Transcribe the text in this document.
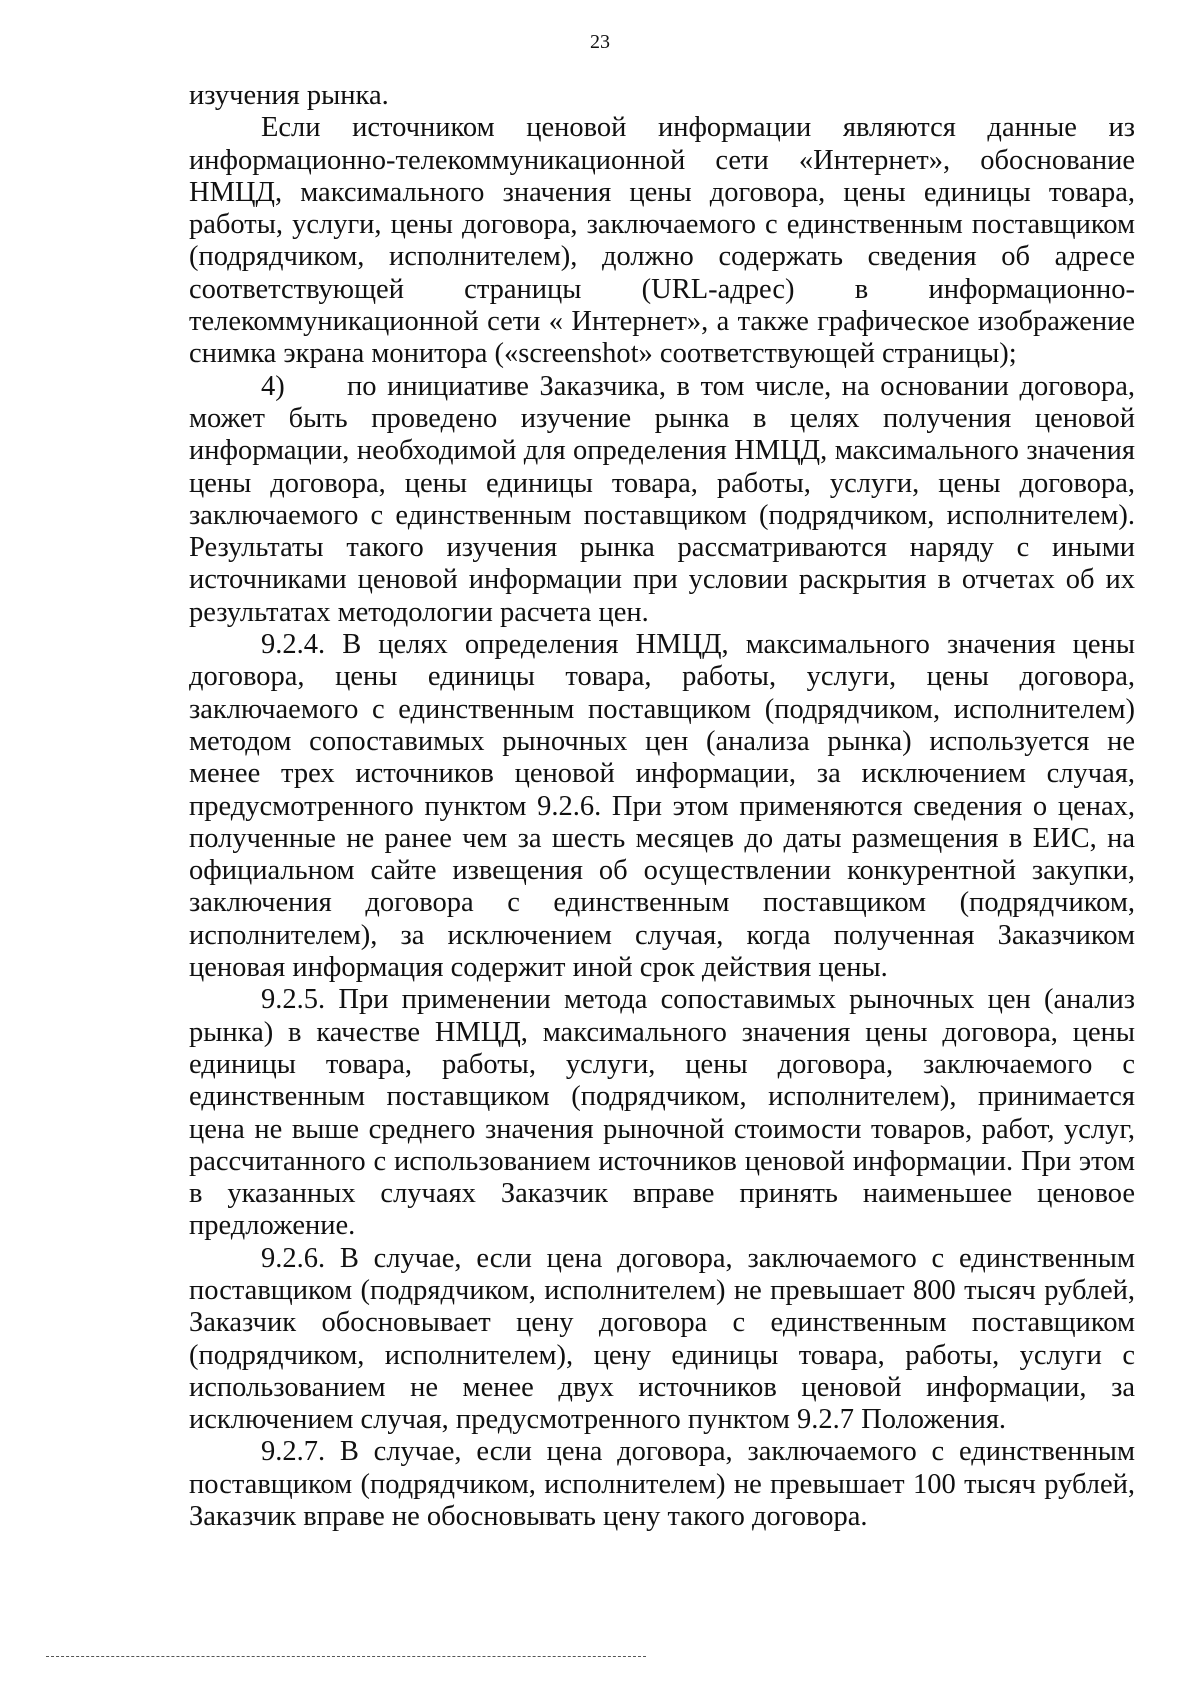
23

изучения рынка.

Если источником ценовой информации являются данные из информационно-телекоммуникационной сети «Интернет», обоснование НМЦД, максимального значения цены договора, цены единицы товара, работы, услуги, цены договора, заключаемого с единственным поставщиком (подрядчиком, исполнителем), должно содержать сведения об адресе соответствующей страницы (URL-адрес) в информационно-телекоммуникационной сети « Интернет», а также графическое изображение снимка экрана монитора («screenshot» соответствующей страницы);

4) по инициативе Заказчика, в том числе, на основании договора, может быть проведено изучение рынка в целях получения ценовой информации, необходимой для определения НМЦД, максимального значения цены договора, цены единицы товара, работы, услуги, цены договора, заключаемого с единственным поставщиком (подрядчиком, исполнителем). Результаты такого изучения рынка рассматриваются наряду с иными источниками ценовой информации при условии раскрытия в отчетах об их результатах методологии расчета цен.

9.2.4. В целях определения НМЦД, максимального значения цены договора, цены единицы товара, работы, услуги, цены договора, заключаемого с единственным поставщиком (подрядчиком, исполнителем) методом сопоставимых рыночных цен (анализа рынка) используется не менее трех источников ценовой информации, за исключением случая, предусмотренного пунктом 9.2.6. При этом применяются сведения о ценах, полученные не ранее чем за шесть месяцев до даты размещения в ЕИС, на официальном сайте извещения об осуществлении конкурентной закупки, заключения договора с единственным поставщиком (подрядчиком, исполнителем), за исключением случая, когда полученная Заказчиком ценовая информация содержит иной срок действия цены.

9.2.5. При применении метода сопоставимых рыночных цен (анализ рынка) в качестве НМЦД, максимального значения цены договора, цены единицы товара, работы, услуги, цены договора, заключаемого с единственным поставщиком (подрядчиком, исполнителем), принимается цена не выше среднего значения рыночной стоимости товаров, работ, услуг, рассчитанного с использованием источников ценовой информации. При этом в указанных случаях Заказчик вправе принять наименьшее ценовое предложение.

9.2.6. В случае, если цена договора, заключаемого с единственным поставщиком (подрядчиком, исполнителем) не превышает 800 тысяч рублей, Заказчик обосновывает цену договора с единственным поставщиком (подрядчиком, исполнителем), цену единицы товара, работы, услуги с использованием не менее двух источников ценовой информации, за исключением случая, предусмотренного пунктом 9.2.7 Положения.

9.2.7. В случае, если цена договора, заключаемого с единственным поставщиком (подрядчиком, исполнителем) не превышает 100 тысяч рублей, Заказчик вправе не обосновывать цену такого договора.
